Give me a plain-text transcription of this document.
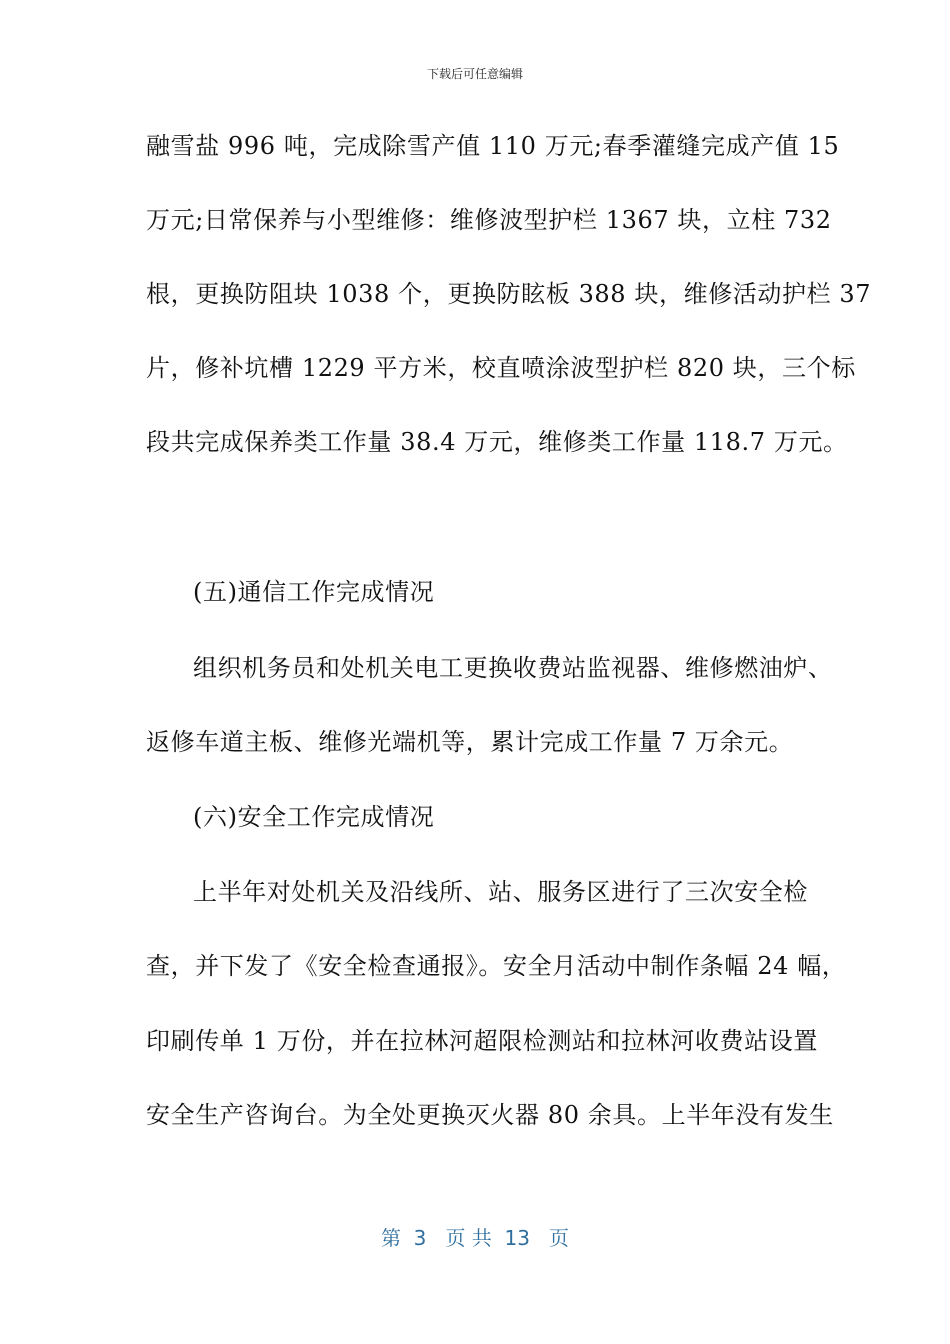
下载后可任意编辑
融雪盐 996 吨，完成除雪产值 110 万元;春季灌缝完成产值 15
万元;日常保养与小型维修：维修波型护栏 1367 块，立柱 732
根，更换防阻块 1038 个，更换防眩板 388 块，维修活动护栏 37
片，修补坑槽 1229 平方米，校直喷涂波型护栏 820 块，三个标
段共完成保养类工作量 38.4 万元，维修类工作量 118.7 万元。
(五)通信工作完成情况
组织机务员和处机关电工更换收费站监视器、维修燃油炉、
返修车道主板、维修光端机等，累计完成工作量 7 万余元。
(六)安全工作完成情况
上半年对处机关及沿线所、站、服务区进行了三次安全检
查，并下发了《安全检查通报》。安全月活动中制作条幅 24 幅，
印刷传单 1 万份，并在拉林河超限检测站和拉林河收费站设置
安全生产咨询台。为全处更换灭火器 80 余具。上半年没有发生
第  3   页 共  13   页
